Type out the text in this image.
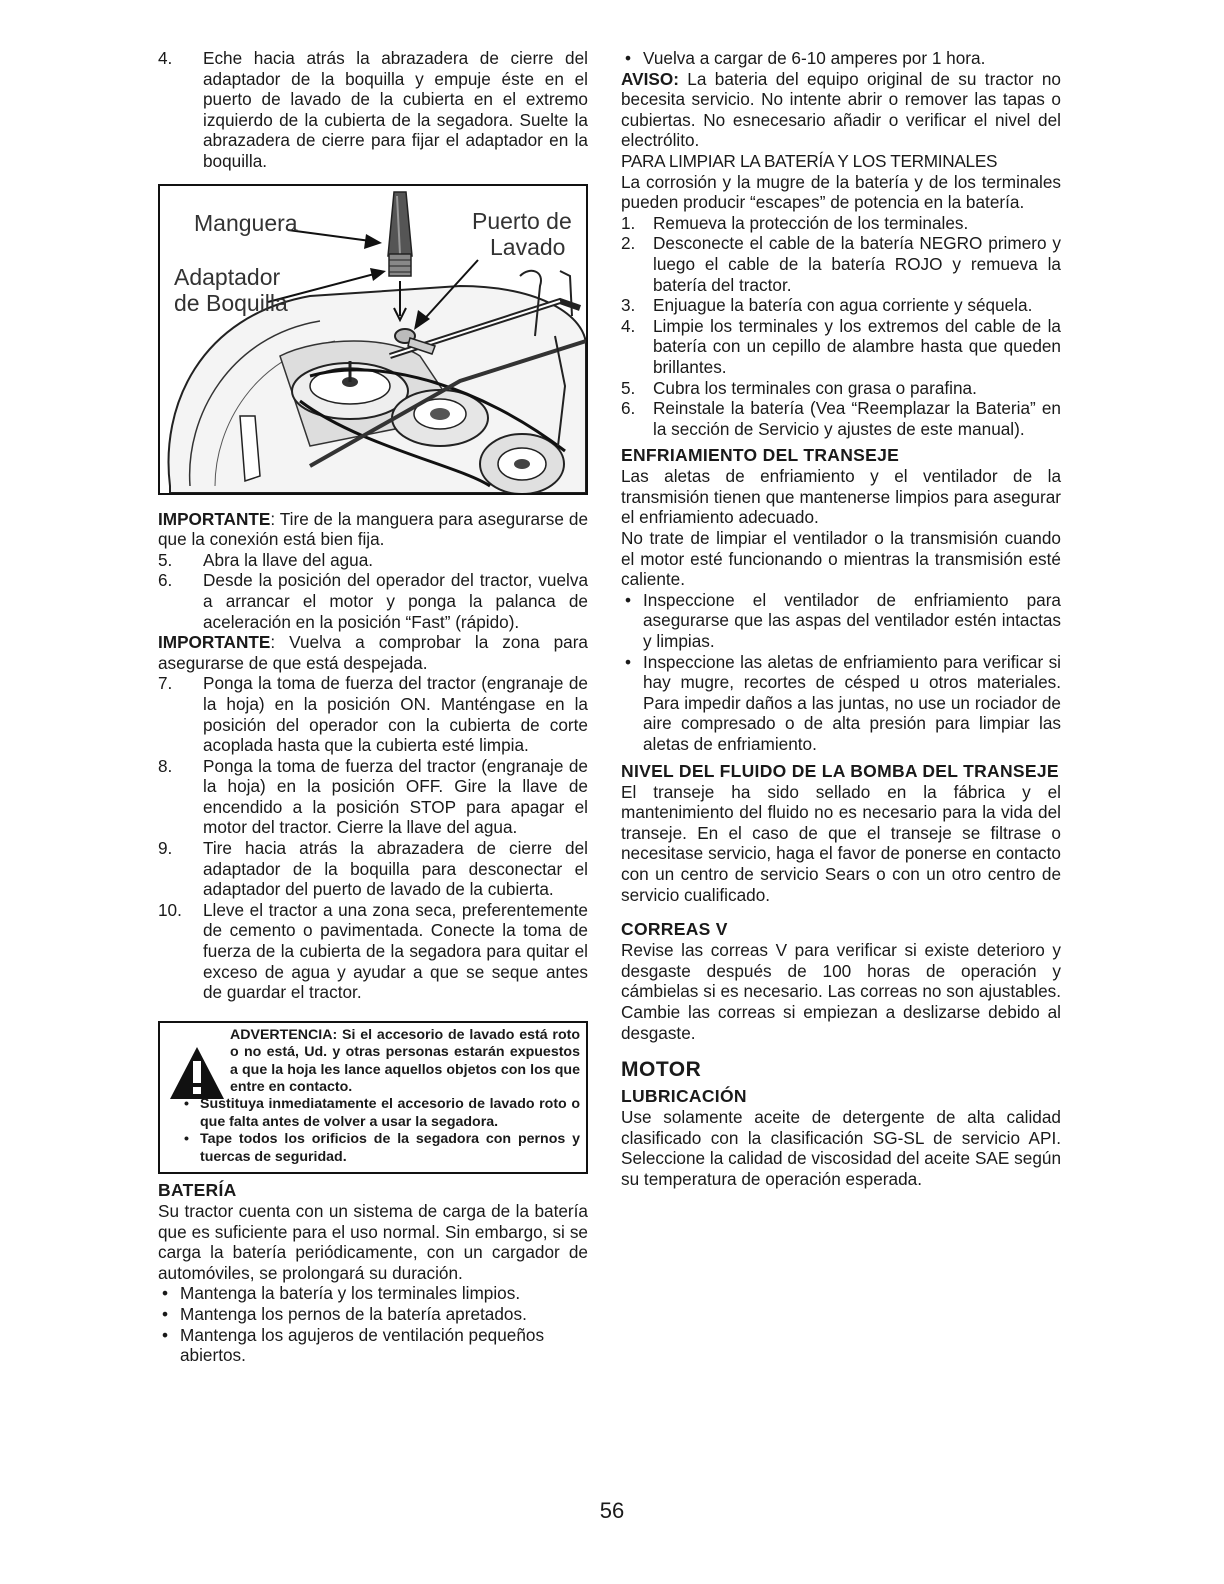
4. Eche hacia atrás la abrazadera de cierre del adaptador de la boquilla y empuje éste en el puerto de lavado de la cubierta en el extremo izquierdo de la cubierta de la segadora. Suelte la abrazadera de cierre para fijar el adaptador en la boquilla.
Manguera
Adaptador
de Boquilla
Puerto de
Lavado

IMPORTANTE: Tire de la manguera para asegurarse de que la conexión está bien fija.

5. Abra la llave del agua.
6. Desde la posición del operador del tractor, vuelva a arrancar el motor y ponga la palanca de aceleración en la posición “Fast” (rápido).

IMPORTANTE: Vuelva a comprobar la zona para asegurarse de que está despejada.

7. Ponga la toma de fuerza del tractor (engranaje de la hoja) en la posición ON. Manténgase en la posición del operador con la cubierta de corte acoplada hasta que la cubierta esté limpia.
8. Ponga la toma de fuerza del tractor (engranaje de la hoja) en la posición OFF. Gire la llave de encendido a la posición STOP para apagar el motor del tractor. Cierre la llave del agua.
9. Tire hacia atrás la abrazadera de cierre del adaptador de la boquilla para desconectar el adaptador del puerto de lavado de la cubierta.
10. Lleve el tractor a una zona seca, preferentemente de cemento o pavimentada. Conecte la toma de fuerza de la cubierta de la segadora para quitar el exceso de agua y ayudar a que se seque antes de guardar el tractor.

ADVERTENCIA: Si el accesorio de lavado está roto o no está, Ud. y otras personas estarán expuestos a que la hoja les lance aquellos objetos con los que entre en contacto.

• Sustituya inmediatamente el accesorio de lavado roto o que falta antes de volver a usar la segadora.
• Tape todos los orificios de la segadora con pernos y tuercas de seguridad.
BATERÍA

Su tractor cuenta con un sistema de carga de la batería que es suficiente para el uso normal. Sin embargo, si se carga la batería periódicamente, con un cargador de automóviles, se prolongará su duración.

• Mantenga la batería y los terminales limpios.
• Mantenga los pernos de la batería apretados.
• Mantenga los agujeros de ventilación pequeños abiertos.
• Vuelva a cargar de 6-10 amperes por 1 hora.

AVISO: La bateria del equipo original de su tractor no becesita servicio. No intente abrir o remover las tapas o cubiertas. No esnecesario añadir o verificar el nivel del electrólito.

PARA LIMPIAR LA BATERÍA Y LOS TERMINALES

La corrosión y la mugre de la batería y de los terminales pueden producir “escapes” de potencia en la batería.

1. Remueva la protección de los terminales.
2. Desconecte el cable de la batería NEGRO primero y luego el cable de la batería ROJO y remueva la batería del tractor.
3. Enjuague la batería con agua corriente y séquela.
4. Limpie los terminales y los extremos del cable de la batería con un cepillo de alambre hasta que queden brillantes.
5. Cubra los terminales con grasa o parafina.
6. Reinstale la batería (Vea “Reemplazar la Bateria” en la sección de Servicio y ajustes de este manual).
ENFRIAMIENTO DEL TRANSEJE

Las aletas de enfriamiento y el ventilador de la transmisión tienen que mantenerse limpios para asegurar el enfriamiento adecuado.

No trate de limpiar el ventilador o la transmisión cuando el motor esté funcionando o mientras la transmisión esté caliente.

• Inspeccione el ventilador de enfriamiento para asegurarse que las aspas del ventilador estén intactas y limpias.
• Inspeccione las aletas de enfriamiento para verificar si hay mugre, recortes de césped u otros materiales. Para impedir daños a las juntas, no use un rociador de aire compresado o de alta presión para limpiar las aletas de enfriamiento.
NIVEL DEL FLUIDO DE LA BOMBA DEL TRANSEJE

El transeje ha sido sellado en la fábrica y el mantenimiento del fluido no es necesario para la vida del transeje. En el caso de que el transeje se filtrase o necesitase servicio, haga el favor de ponerse en contacto con un centro de servicio Sears o con un otro centro de servicio cualificado.

CORREAS V

Revise las correas V para verificar si existe deterioro y desgaste después de 100 horas de operación y cámbielas si es necesario. Las correas no son ajustables. Cambie las correas si empiezan a deslizarse debido al desgaste.

MOTOR
LUBRICACIÓN

Use solamente aceite de detergente de alta calidad clasificado con la clasificación SG-SL de servicio API. Seleccione la calidad de viscosidad del aceite SAE según su temperatura de operación esperada.

56
